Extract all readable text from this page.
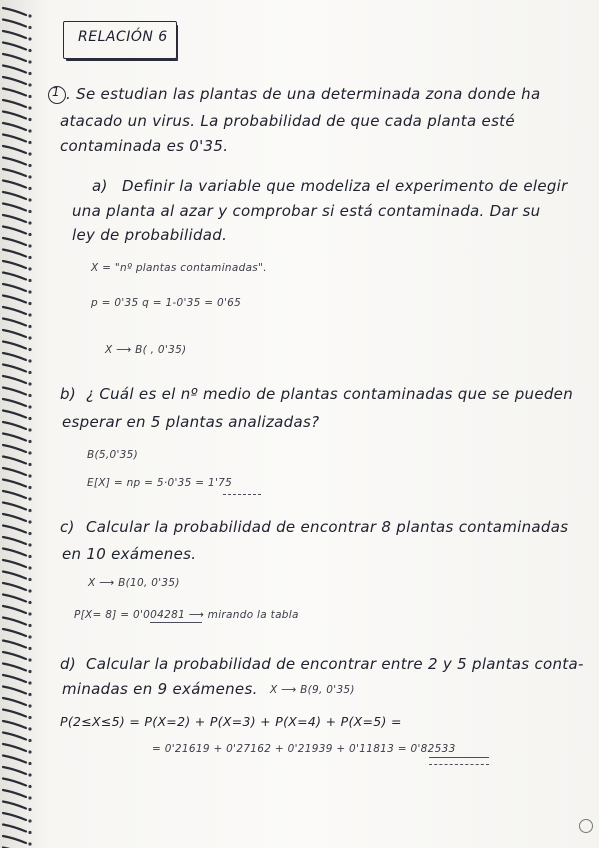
RELACIÓN 6
1 . Se estudian las plantas de una determinada zona donde ha
atacado un virus. La probabilidad de que cada planta esté
contaminada es 0'35.
a) Definir la variable que modeliza el experimento de elegir
una planta al azar y comprobar si está contaminada. Dar su
ley de probabilidad.
X = "nº plantas contaminadas".
p = 0'35 q = 1-0'35 = 0'65
X ⟶ B( , 0'35)
b) ¿ Cuál es el nº medio de plantas contaminadas que se pueden
esperar en 5 plantas analizadas?
B(5,0'35)
E[X] = np = 5·0'35 = 1'75
c) Calcular la probabilidad de encontrar 8 plantas contaminadas
en 10 exámenes.
X ⟶ B(10, 0'35)
P[X= 8] = 0'004281 ⟶ mirando la tabla
d) Calcular la probabilidad de encontrar entre 2 y 5 plantas conta-
minadas en 9 exámenes. X ⟶ B(9, 0'35)
P(2≤X≤5) = P(X=2) + P(X=3) + P(X=4) + P(X=5) =
= 0'21619 + 0'27162 + 0'21939 + 0'11813 = 0'82533
